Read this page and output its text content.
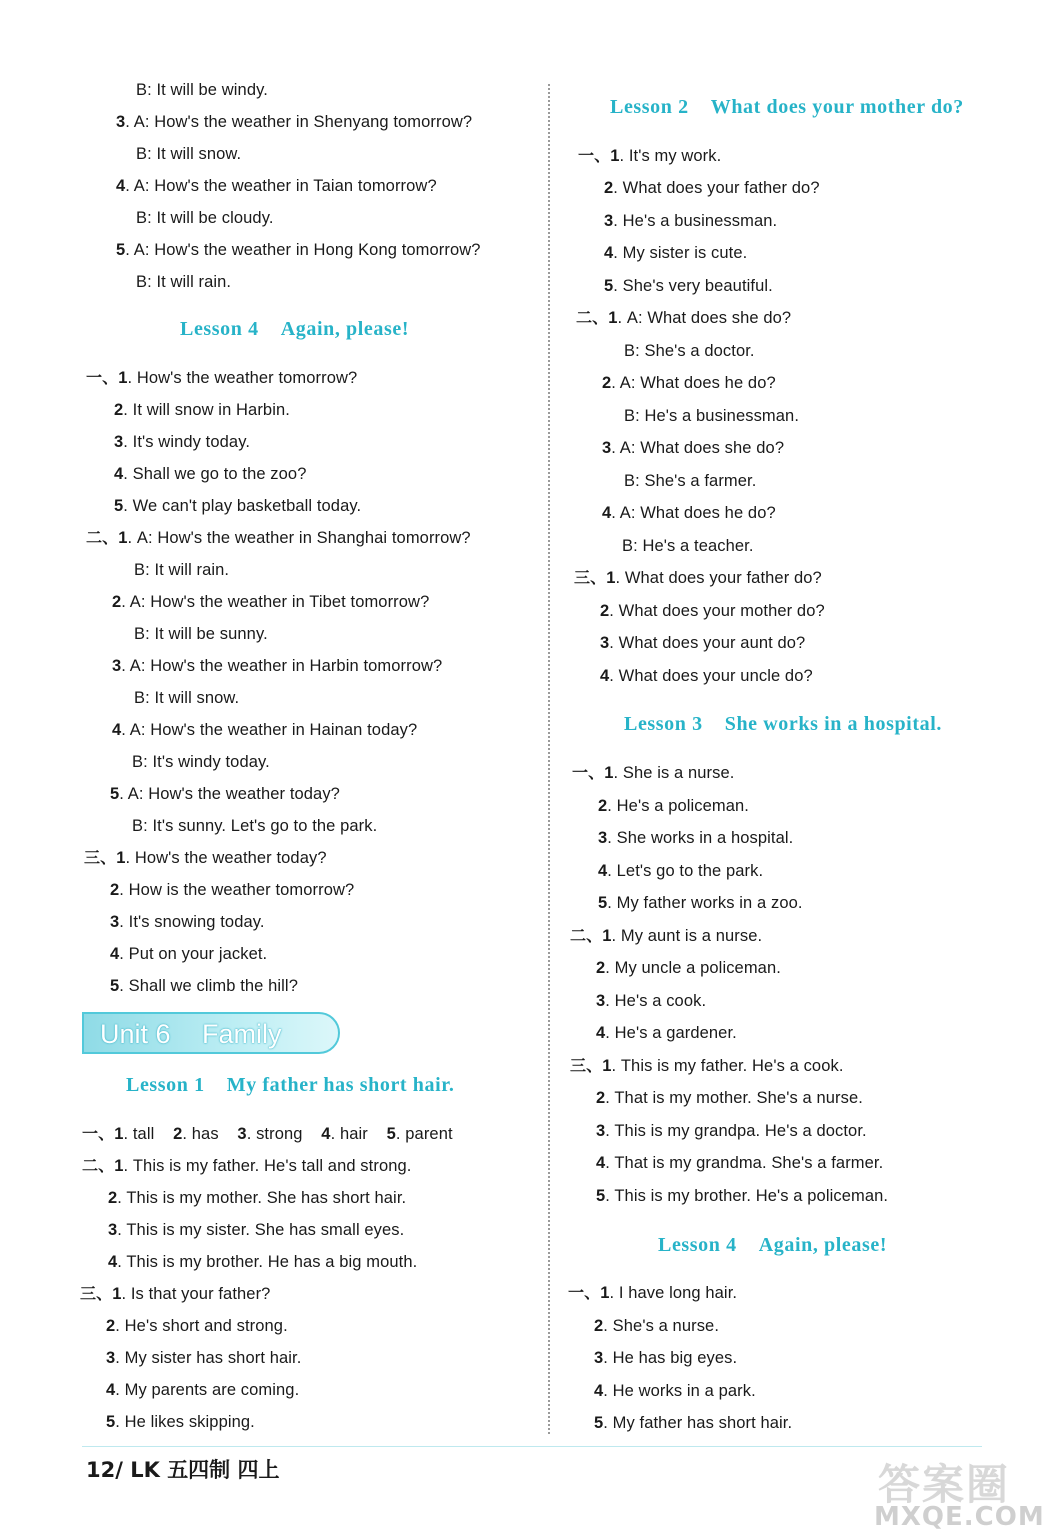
B: It will be windy.
3. A: How's the weather in Shenyang tomorrow?
B: It will snow.
4. A: How's the weather in Taian tomorrow?
B: It will be cloudy.
5. A: How's the weather in Hong Kong tomorrow?
B: It will rain.
Lesson 4 Again, please!
一、1. How's the weather tomorrow?
2. It will snow in Harbin.
3. It's windy today.
4. Shall we go to the zoo?
5. We can't play basketball today.
二、1. A: How's the weather in Shanghai tomorrow?
B: It will rain.
2. A: How's the weather in Tibet tomorrow?
B: It will be sunny.
3. A: How's the weather in Harbin tomorrow?
B: It will snow.
4. A: How's the weather in Hainan today?
B: It's windy today.
5. A: How's the weather today?
B: It's sunny. Let's go to the park.
三、1. How's the weather today?
2. How is the weather tomorrow?
3. It's snowing today.
4. Put on your jacket.
5. Shall we climb the hill?
Unit 6 Family
Lesson 1 My father has short hair.
一、1. tall 2. has 3. strong 4. hair 5. parent
二、1. This is my father. He's tall and strong.
2. This is my mother. She has short hair.
3. This is my sister. She has small eyes.
4. This is my brother. He has a big mouth.
三、1. Is that your father?
2. He's short and strong.
3. My sister has short hair.
4. My parents are coming.
5. He likes skipping.
Lesson 2 What does your mother do?
一、1. It's my work.
2. What does your father do?
3. He's a businessman.
4. My sister is cute.
5. She's very beautiful.
二、1. A: What does she do?
B: She's a doctor.
2. A: What does he do?
B: He's a businessman.
3. A: What does she do?
B: She's a farmer.
4. A: What does he do?
B: He's a teacher.
三、1. What does your father do?
2. What does your mother do?
3. What does your aunt do?
4. What does your uncle do?
Lesson 3 She works in a hospital.
一、1. She is a nurse.
2. He's a policeman.
3. She works in a hospital.
4. Let's go to the park.
5. My father works in a zoo.
二、1. My aunt is a nurse.
2. My uncle a policeman.
3. He's a cook.
4. He's a gardener.
三、1. This is my father. He's a cook.
2. That is my mother. She's a nurse.
3. This is my grandpa. He's a doctor.
4. That is my grandma. She's a farmer.
5. This is my brother. He's a policeman.
Lesson 4 Again, please!
一、1. I have long hair.
2. She's a nurse.
3. He has big eyes.
4. He works in a park.
5. My father has short hair.
12/ LK 五四制 四上	答案圈
MXQE.COM
